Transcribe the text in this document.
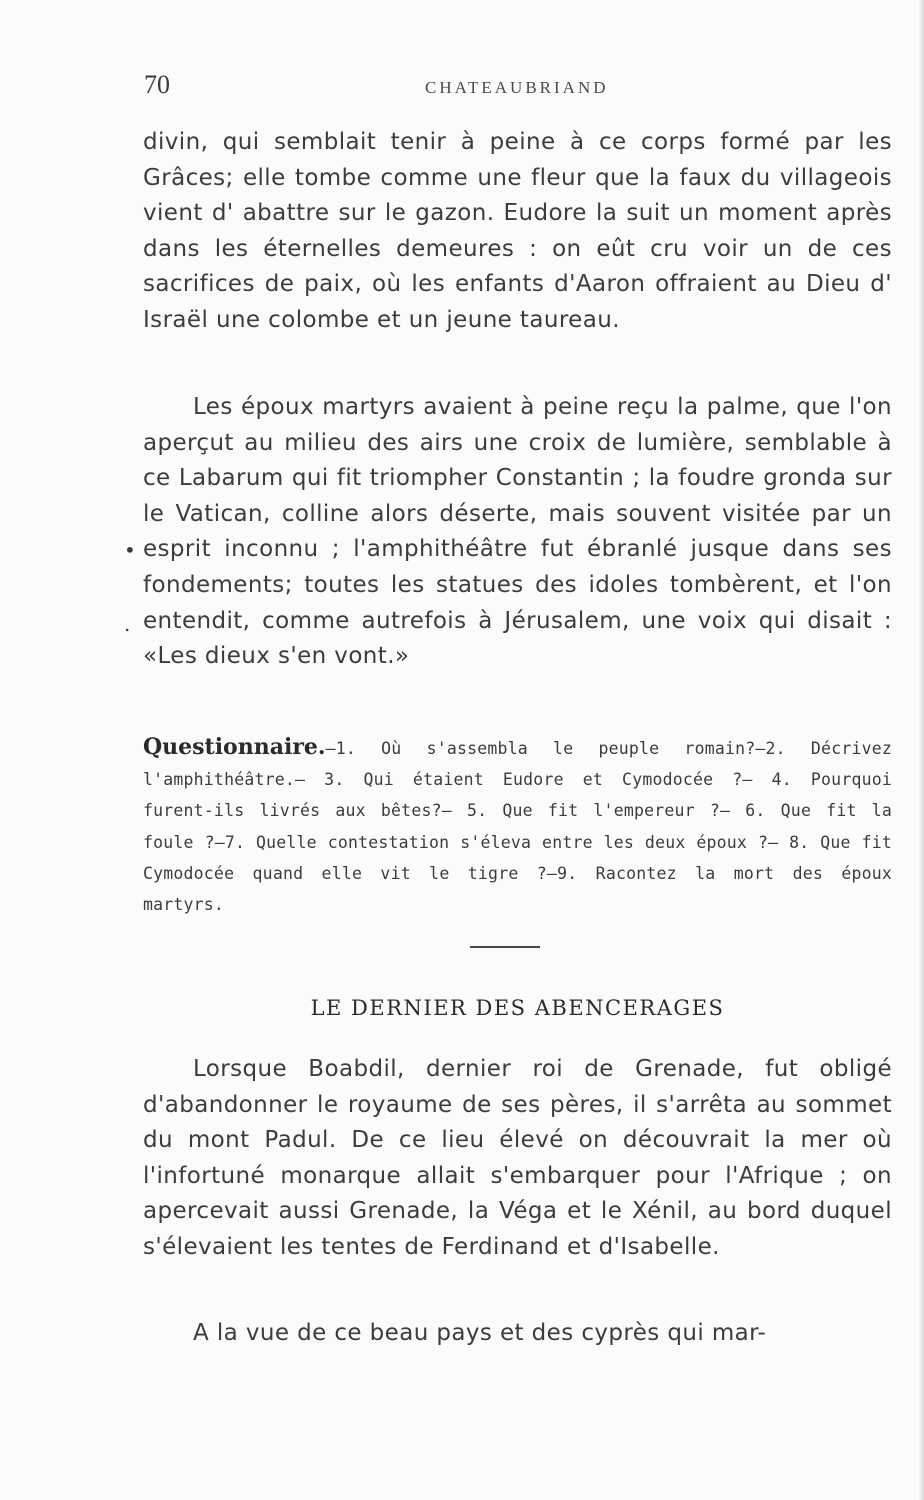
70	CHATEAUBRIAND

divin, qui semblait tenir à peine à ce corps formé par les Grâces; elle tombe comme une fleur que la faux du villageois vient d' abattre sur le gazon. Eudore la suit un moment après dans les éternelles demeures : on eût cru voir un de ces sacrifices de paix, où les enfants d'Aaron offraient au Dieu d' Israël une colombe et un jeune taureau.

Les époux martyrs avaient à peine reçu la palme, que l'on aperçut au milieu des airs une croix de lumière, semblable à ce Labarum qui fit triompher Constantin ; la foudre gronda sur le Vatican, colline alors déserte, mais souvent visitée par un esprit inconnu ; l'amphithéâtre fut ébranlé jusque dans ses fondements; toutes les statues des idoles tombèrent, et l'on entendit, comme autrefois à Jérusalem, une voix qui disait : «Les dieux s'en vont.»

•
.
Questionnaire.—1. Où s'assembla le peuple romain?—2. Décrivez l'amphithéâtre.— 3. Qui étaient Eudore et Cymodocée ?— 4. Pourquoi furent-ils livrés aux bêtes?— 5. Que fit l'empereur ?— 6. Que fit la foule ?—7. Quelle contestation s'éleva entre les deux époux ?— 8. Que fit Cymodocée quand elle vit le tigre ?—9. Racontez la mort des époux martyrs.
LE DERNIER DES ABENCERAGES

Lorsque Boabdil, dernier roi de Grenade, fut obligé d'abandonner le royaume de ses pères, il s'arrêta au sommet du mont Padul. De ce lieu élevé on découvrait la mer où l'infortuné monarque allait s'embarquer pour l'Afrique ; on apercevait aussi Grenade, la Véga et le Xénil, au bord duquel s'élevaient les tentes de Ferdinand et d'Isabelle.

A la vue de ce beau pays et des cyprès qui mar-
